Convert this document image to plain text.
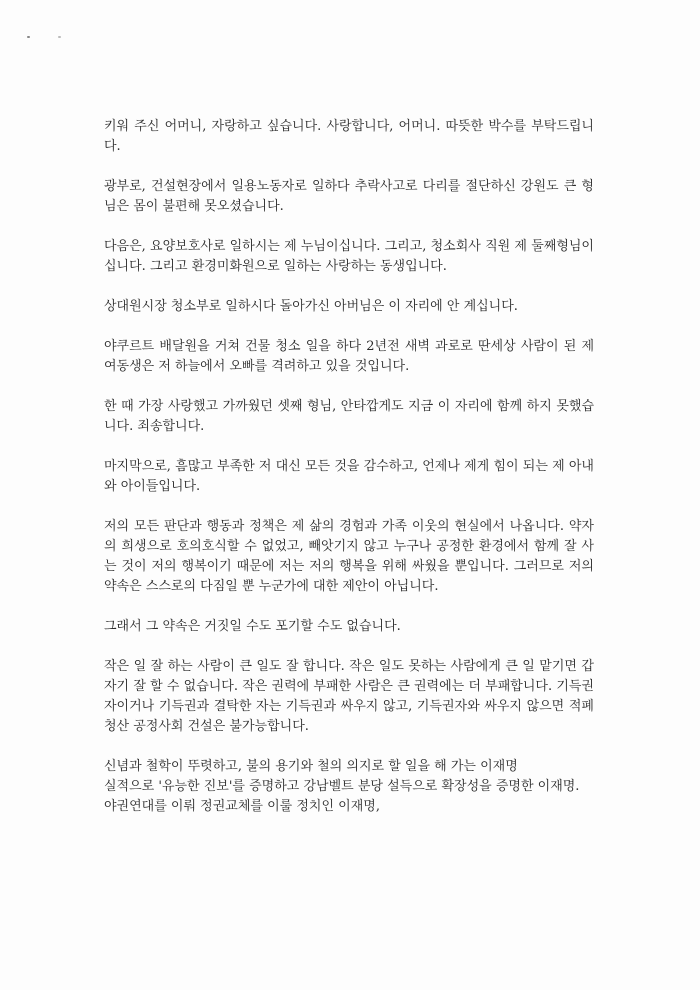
키워 주신 어머니, 자랑하고 싶습니다. 사랑합니다, 어머니. 따뜻한 박수를 부탁드립니다.

광부로, 건설현장에서 일용노동자로 일하다 추락사고로 다리를 절단하신 강원도 큰 형님은 몸이 불편해 못오셨습니다.

다음은, 요양보호사로 일하시는 제 누님이십니다. 그리고, 청소회사 직원 제 둘째형님이십니다. 그리고 환경미화원으로 일하는 사랑하는 동생입니다.

상대원시장 청소부로 일하시다 돌아가신 아버님은 이 자리에 안 계십니다.

야쿠르트 배달원을 거쳐 건물 청소 일을 하다 2년전 새벽 과로로 딴세상 사람이 된 제 여동생은 저 하늘에서 오빠를 격려하고 있을 것입니다.

한 때 가장 사랑했고 가까웠던 셋째 형님, 안타깝게도 지금 이 자리에 함께 하지 못했습니다. 죄송합니다.

마지막으로, 흠많고 부족한 저 대신 모든 것을 감수하고, 언제나 제게 힘이 되는 제 아내와 아이들입니다.

저의 모든 판단과 행동과 정책은 제 삶의 경험과 가족 이웃의 현실에서 나옵니다. 약자의 희생으로 호의호식할 수 없었고, 빼앗기지 않고 누구나 공정한 환경에서 함께 잘 사는 것이 저의 행복이기 때문에 저는 저의 행복을 위해 싸웠을 뿐입니다. 그러므로 저의 약속은 스스로의 다짐일 뿐 누군가에 대한 제안이 아닙니다.

그래서 그 약속은 거짓일 수도 포기할 수도 없습니다.

작은 일 잘 하는 사람이 큰 일도 잘 합니다. 작은 일도 못하는 사람에게 큰 일 맡기면 갑자기 잘 할 수 없습니다. 작은 권력에 부패한 사람은 큰 권력에는 더 부패합니다. 기득권자이거나 기득권과 결탁한 자는 기득권과 싸우지 않고, 기득권자와 싸우지 않으면 적폐청산 공정사회 건설은 불가능합니다.

신념과 철학이 뚜렷하고, 불의 용기와 철의 의지로 할 일을 해 가는 이재명
실적으로 '유능한 진보'를 증명하고 강남벨트 분당 설득으로 확장성을 증명한 이재명.
야권연대를 이뤄 정권교체를 이룰 정치인 이재명,
